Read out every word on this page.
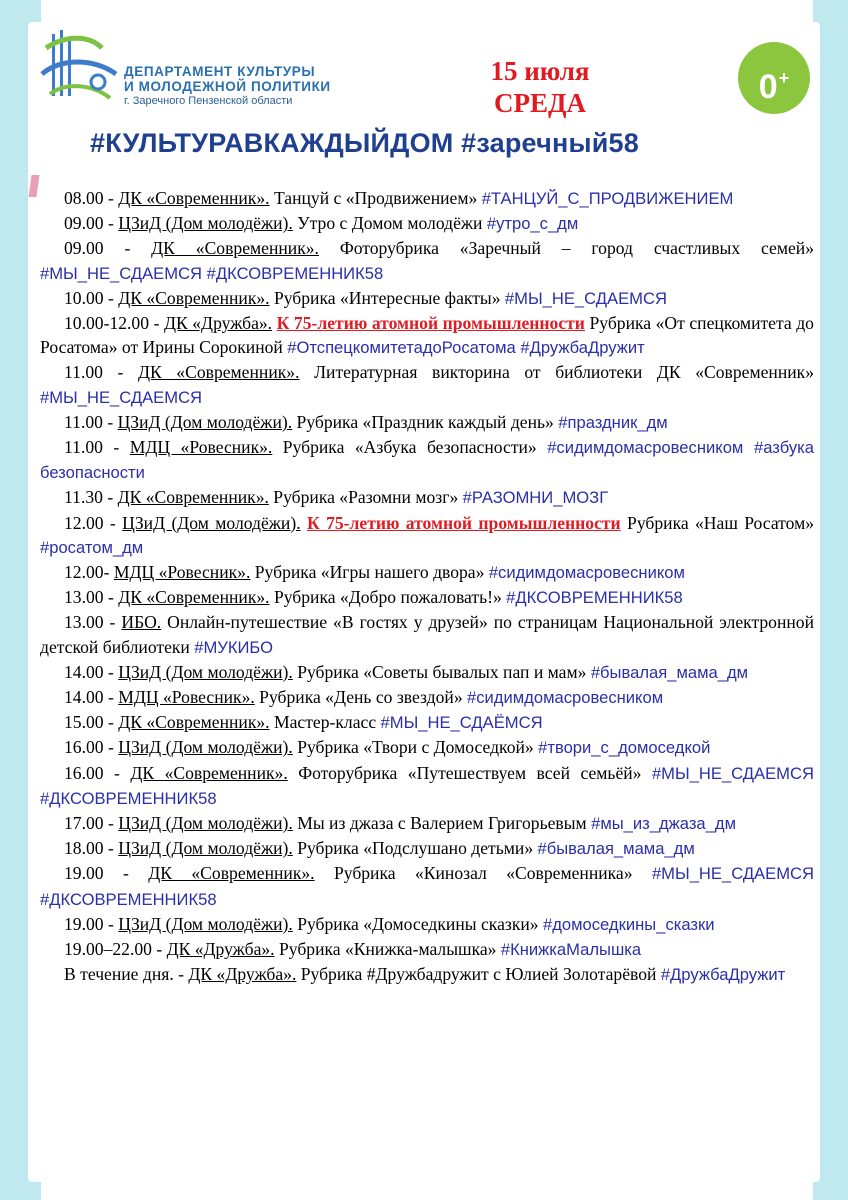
ДЕПАРТАМЕНТ КУЛЬТУРЫ
И МОЛОДЕЖНОЙ ПОЛИТИКИ
г. Заречного Пензенской области
15 июля
СРЕДА	0+
#КУЛЬТУРАВКАЖДЫЙДОМ #заречный58

08.00 - ДК «Современник». Танцуй с «Продвижением» #ТАНЦУЙ_С_ПРОДВИЖЕНИЕМ

09.00 - ЦЗиД (Дом молодёжи). Утро с Домом молодёжи #утро_с_дм

09.00 - ДК «Современник». Фоторубрика «Заречный – город счастливых семей» #МЫ_НЕ_СДАЕМСЯ #ДКСОВРЕМЕННИК58

10.00 - ДК «Современник». Рубрика «Интересные факты» #МЫ_НЕ_СДАЕМСЯ

10.00-12.00 - ДК «Дружба». К 75-летию атомной промышленности Рубрика «От спецкомитета до Росатома» от Ирины Сорокиной #ОтспецкомитетадоРосатома #ДружбаДружит

11.00 - ДК «Современник». Литературная викторина от библиотеки ДК «Современник» #МЫ_НЕ_СДАЕМСЯ

11.00 - ЦЗиД (Дом молодёжи). Рубрика «Праздник каждый день» #праздник_дм

11.00 - МДЦ «Ровесник». Рубрика «Азбука безопасности» #сидимдомасровесником #азбука безопасности

11.30 - ДК «Современник». Рубрика «Разомни мозг» #РАЗОМНИ_МОЗГ

12.00 - ЦЗиД (Дом молодёжи). К 75-летию атомной промышленности Рубрика «Наш Росатом» #росатом_дм

12.00- МДЦ «Ровесник». Рубрика «Игры нашего двора» #сидимдомасровесником

13.00 - ДК «Современник». Рубрика «Добро пожаловать!» #ДКСОВРЕМЕННИК58

13.00 - ИБО. Онлайн-путешествие «В гостях у друзей» по страницам Национальной электронной детской библиотеки #МУКИБО

14.00 - ЦЗиД (Дом молодёжи). Рубрика «Советы бывалых пап и мам» #бывалая_мама_дм

14.00 - МДЦ «Ровесник». Рубрика «День со звездой» #сидимдомасровесником

15.00 - ДК «Современник». Мастер-класс #МЫ_НЕ_СДАЁМСЯ

16.00 - ЦЗиД (Дом молодёжи). Рубрика «Твори с Домоседкой» #твори_с_домоседкой

16.00 - ДК «Современник». Фоторубрика «Путешествуем всей семьёй» #МЫ_НЕ_СДАЕМСЯ #ДКСОВРЕМЕННИК58

17.00 - ЦЗиД (Дом молодёжи). Мы из джаза с Валерием Григорьевым #мы_из_джаза_дм

18.00 - ЦЗиД (Дом молодёжи). Рубрика «Подслушано детьми» #бывалая_мама_дм

19.00 - ДК «Современник». Рубрика «Кинозал «Современника» #МЫ_НЕ_СДАЕМСЯ #ДКСОВРЕМЕННИК58

19.00 - ЦЗиД (Дом молодёжи). Рубрика «Домоседкины сказки» #домоседкины_сказки

19.00–22.00 - ДК «Дружба». Рубрика «Книжка-малышка» #КнижкаМалышка

В течение дня. - ДК «Дружба». Рубрика #Дружбадружит с Юлией Золотарёвой #ДружбаДружит
